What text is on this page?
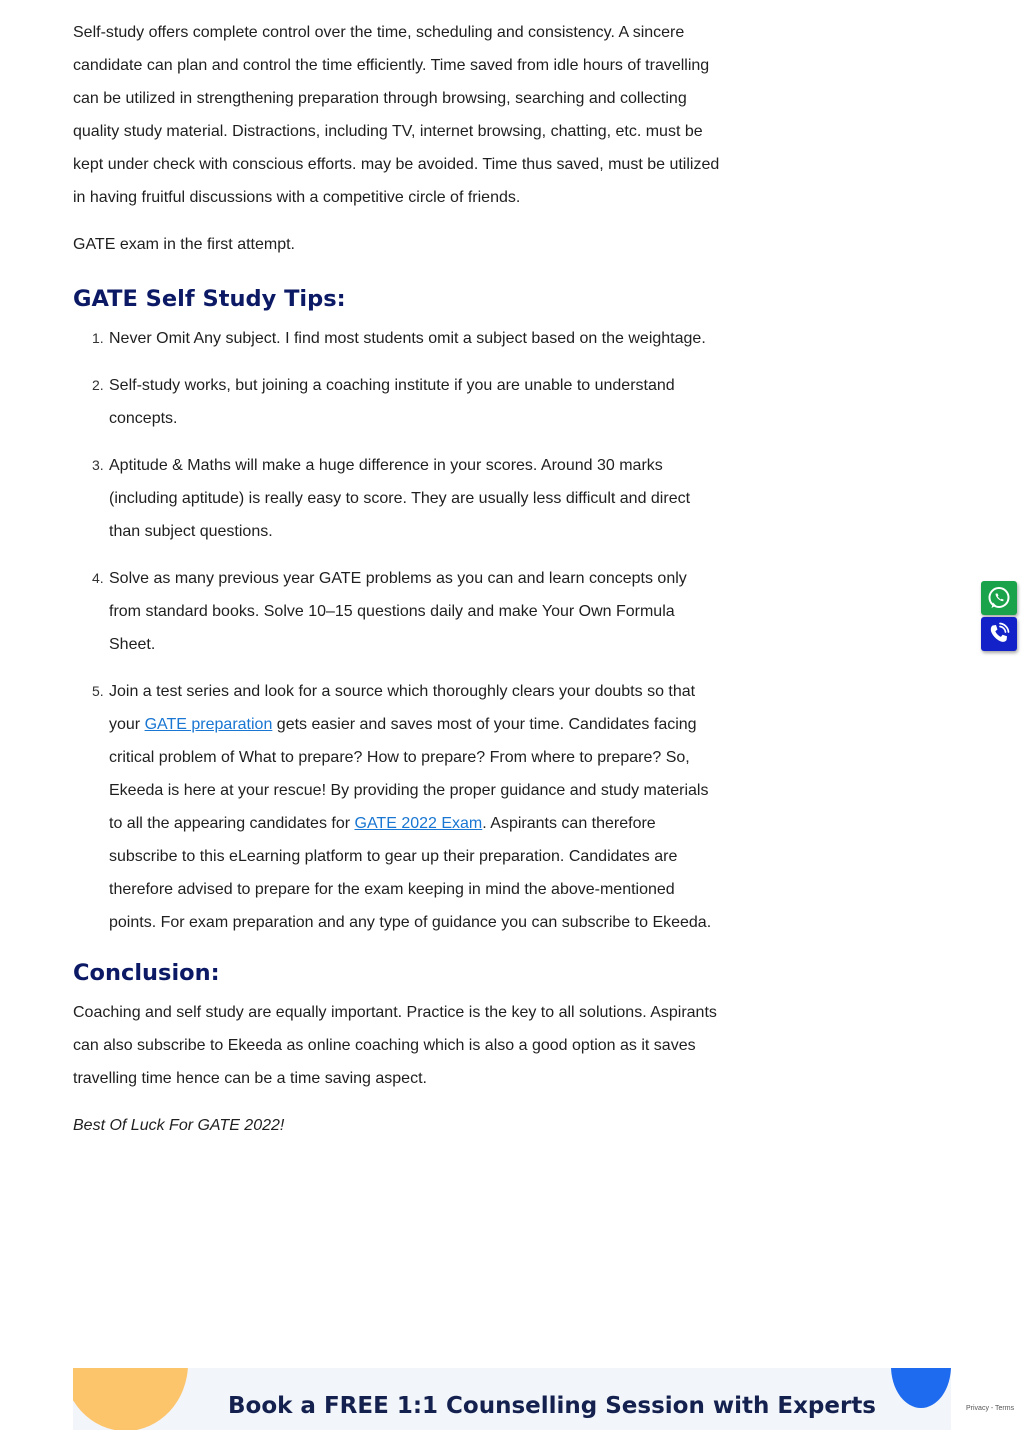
Self-study offers complete control over the time, scheduling and consistency. A sincere candidate can plan and control the time efficiently. Time saved from idle hours of travelling can be utilized in strengthening preparation through browsing, searching and collecting quality study material. Distractions, including TV, internet browsing, chatting, etc. must be kept under check with conscious efforts. may be avoided. Time thus saved, must be utilized in having fruitful discussions with a competitive circle of friends.

GATE exam in the first attempt.

GATE Self Study Tips:
1. Never Omit Any subject. I find most students omit a subject based on the weightage.
2. Self-study works, but joining a coaching institute if you are unable to understand concepts.
3. Aptitude & Maths will make a huge difference in your scores. Around 30 marks (including aptitude) is really easy to score. They are usually less difficult and direct than subject questions.
4. Solve as many previous year GATE problems as you can and learn concepts only from standard books. Solve 10–15 questions daily and make Your Own Formula Sheet.
5. Join a test series and look for a source which thoroughly clears your doubts so that your GATE preparation gets easier and saves most of your time. Candidates facing critical problem of What to prepare? How to prepare? From where to prepare? So, Ekeeda is here at your rescue! By providing the proper guidance and study materials to all the appearing candidates for GATE 2022 Exam. Aspirants can therefore subscribe to this eLearning platform to gear up their preparation. Candidates are therefore advised to prepare for the exam keeping in mind the above-mentioned points. For exam preparation and any type of guidance you can subscribe to Ekeeda.
Conclusion:

Coaching and self study are equally important. Practice is the key to all solutions. Aspirants can also subscribe to Ekeeda as online coaching which is also a good option as it saves travelling time hence can be a time saving aspect.

Best Of Luck For GATE 2022!

Book a FREE 1:1 Counselling Session with Experts	Privacy - Terms
